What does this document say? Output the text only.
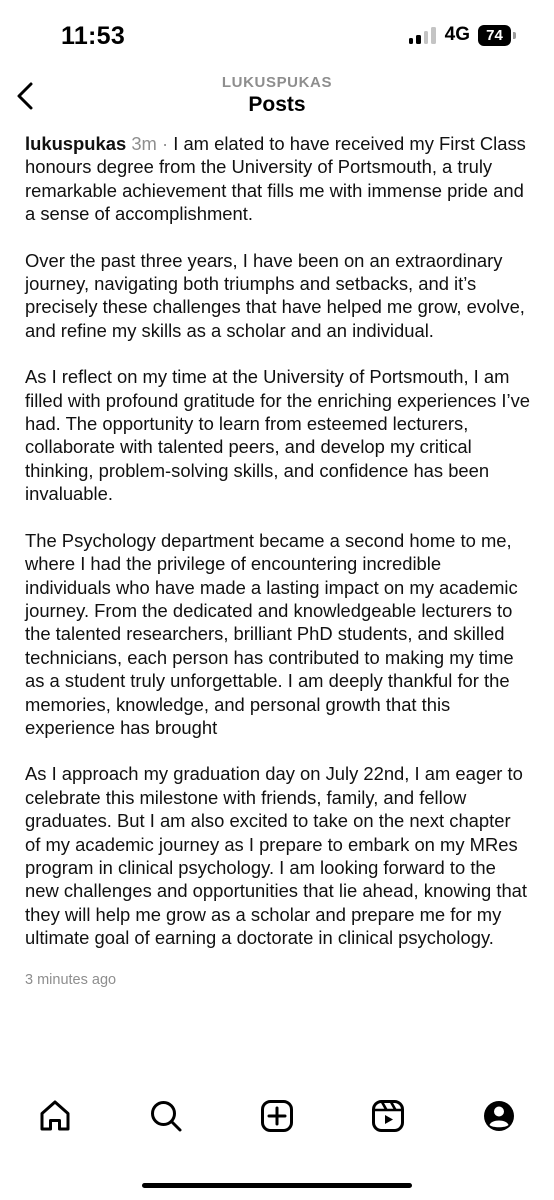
11:53	4G 74
LUKUSPUKAS
Posts

lukuspukas 3m · I am elated to have received my First Class honours degree from the University of Portsmouth, a truly remarkable achievement that fills me with immense pride and a sense of accomplishment.

Over the past three years, I have been on an extraordinary journey, navigating both triumphs and setbacks, and it’s precisely these challenges that have helped me grow, evolve, and refine my skills as a scholar and an individual.

As I reflect on my time at the University of Portsmouth, I am filled with profound gratitude for the enriching experiences I’ve had. The opportunity to learn from esteemed lecturers, collaborate with talented peers, and develop my critical thinking, problem-solving skills, and confidence has been invaluable.

The Psychology department became a second home to me, where I had the privilege of encountering incredible individuals who have made a lasting impact on my academic journey. From the dedicated and knowledgeable lecturers to the talented researchers, brilliant PhD students, and skilled technicians, each person has contributed to making my time as a student truly unforgettable. I am deeply thankful for the memories, knowledge, and personal growth that this experience has brought

As I approach my graduation day on July 22nd, I am eager to celebrate this milestone with friends, family, and fellow graduates. But I am also excited to take on the next chapter of my academic journey as I prepare to embark on my MRes program in clinical psychology. I am looking forward to the new challenges and opportunities that lie ahead, knowing that they will help me grow as a scholar and prepare me for my ultimate goal of earning a doctorate in clinical psychology.

3 minutes ago
